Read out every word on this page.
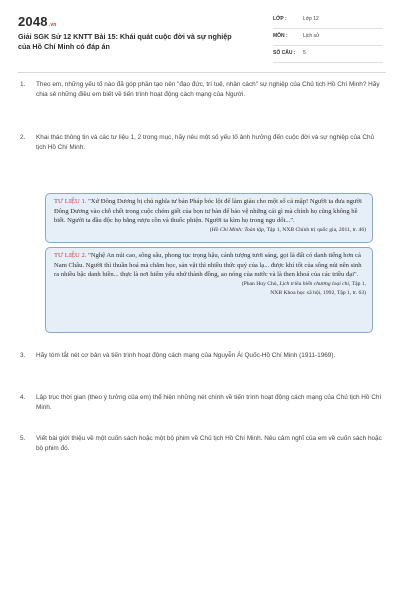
2048.vn
Giải SGK Sử 12 KNTT Bài 15: Khái quát cuộc đời và sự nghiệp của Hồ Chí Minh có đáp án
LỚP :	Lớp 12
MÔN :	Lịch sử
SỐ CÂU : 5
1.	Theo em, những yếu tố nào đã góp phần tạo nên "đạo đức, trí tuệ, nhân cách" sự nghiệp của Chủ tịch Hồ Chí Minh? Hãy chia sẻ những điều em biết về tiến trình hoạt động cách mạng của Người.
2.	Khai thác thông tin và các tư liệu 1, 2 trong mục, hãy nêu một số yếu tố ảnh hưởng đến cuộc đời và sự nghiệp của Chủ tịch Hồ Chí Minh.
TƯ LIỆU 1. "Xứ Đông Dương bị chủ nghĩa tư bản Pháp bóc lột để làm giàu cho một số cá mập! Người ta đưa người Đông Dương vào chỗ chết trong cuộc chém giết của bọn tư bản để bảo vệ những cái gì mà chính họ cũng không hề biết. Người ta đầu độc họ bằng rượu cồn và thuốc phiện. Người ta kìm họ trong ngu dốt...".
(Hồ Chí Minh: Toàn tập, Tập 1, NXB Chính trị quốc gia, 2011, tr. 46)
TƯ LIỆU 2. "Nghệ An núi cao, sông sâu, phong tục trọng hậu, cảnh tượng tươi sáng, gọi là đất có danh tiếng hơn cả Nam Châu. Người thì thuần hoá mà chăm học, sản vật thì nhiều thức quý của lạ... được khí tốt của sông núi nên sinh ra nhiều bậc danh hiền... thực là nơi hiểm yếu nhứ thành đồng, ao nóng của nước và là then khoá của các triều đại".
(Phan Huy Chú, Lịch triều hiến chương loại chí, Tập 1,
NXB Khoa học xã hội, 1992, Tập 1, tr. 63)
3.	Hãy tóm tắt nét cơ bản và tiến trình hoạt động cách mạng của Nguyễn Ái Quốc-Hồ Chí Minh (1911-1969).
4.	Lập trục thời gian (theo ý tưởng của em) thể hiện những nét chính về tiến trình hoạt động cách mạng của Chủ tịch Hồ Chí Minh.
5.	Viết bài giới thiệu về một cuốn sách hoặc một bộ phim về Chủ tịch Hồ Chí Minh. Nêu cảm nghĩ của em về cuốn sách hoặc bộ phim đó.
